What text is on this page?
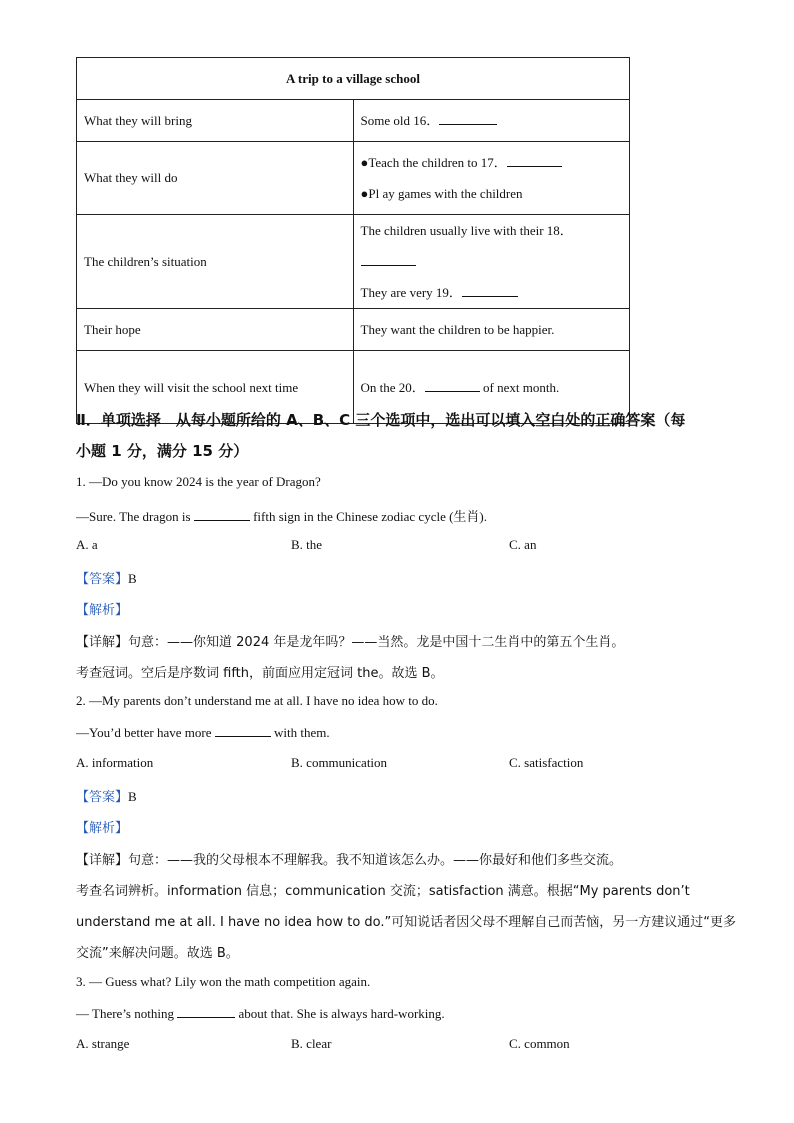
A trip to a village school	
What they will bring	Some old 16．

What they will do	●Teach the children to 17．
●Pl ay games with the children

The children’s situation	The children usually live with their 18．
They are very 19．

Their hope	They want the children to be happier.

When they will visit the school next time	On the 20． of next month.
Ⅱ．单项选择　从每小题所给的 A、B、C 三个选项中，选出可以填入空白处的正确答案（每
小题 1 分，满分 15 分）
1. —Do you know 2024 is the year of Dragon?
—Sure. The dragon is	fifth sign in the Chinese zodiac cycle (生肖).
A. a	B. the	C. an
【答案】B
【解析】
【详解】句意：——你知道 2024 年是龙年吗？——当然。龙是中国十二生肖中的第五个生肖。
考查冠词。空后是序数词 fifth，前面应用定冠词 the。故选 B。
2. —My parents don’t understand me at all. I have no idea how to do.
—You’d better have more	with them.
A. information	B. communication	C. satisfaction
【答案】B
【解析】
【详解】句意：——我的父母根本不理解我。我不知道该怎么办。——你最好和他们多些交流。
考查名词辨析。information 信息；communication 交流；satisfaction 满意。根据“My parents don’t
understand me at all. I have no idea how to do.”可知说话者因父母不理解自己而苦恼，另一方建议通过“更多
交流”来解决问题。故选 B。
3. — Guess what? Lily won the math competition again.
— There’s nothing	about that. She is always hard-working.
A. strange	B. clear	C. common
